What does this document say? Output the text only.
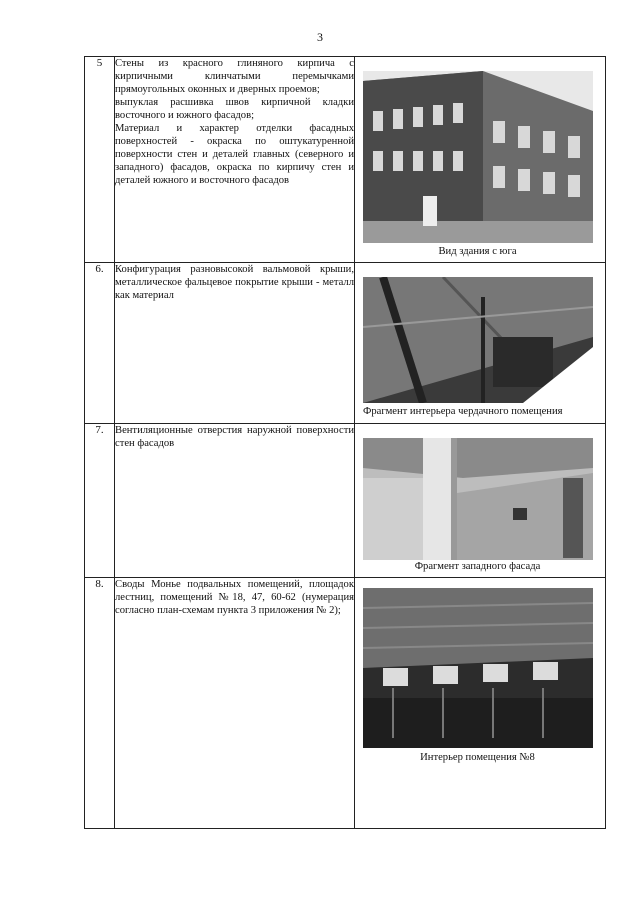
3
5	Стены из красного глиняного кирпича с кирпичными клинчатыми перемычками прямоугольных оконных и дверных проемов;
выпуклая расшивка швов кирпичной кладки восточного и южного фасадов;
Материал и характер отделки фасадных поверхностей - окраска по оштукатуренной поверхности стен и деталей главных (северного и западного) фасадов, окраска по кирпичу стен и деталей южного и восточного фасадов	Вид здания с юга

6.	Конфигурация разновысокой вальмовой крыши, металлическое фальцевое покрытие крыши - металл как материал	Фрагмент интерьера чердачного помещения

7.	Вентиляционные отверстия наружной поверхности стен фасадов	Фрагмент западного фасада

8.	Своды Монье подвальных помещений, площадок лестниц, помещений №18, 47, 60-62 (нумерация согласно план-схемам пункта 3 приложения № 2);	Интерьер помещения №8
